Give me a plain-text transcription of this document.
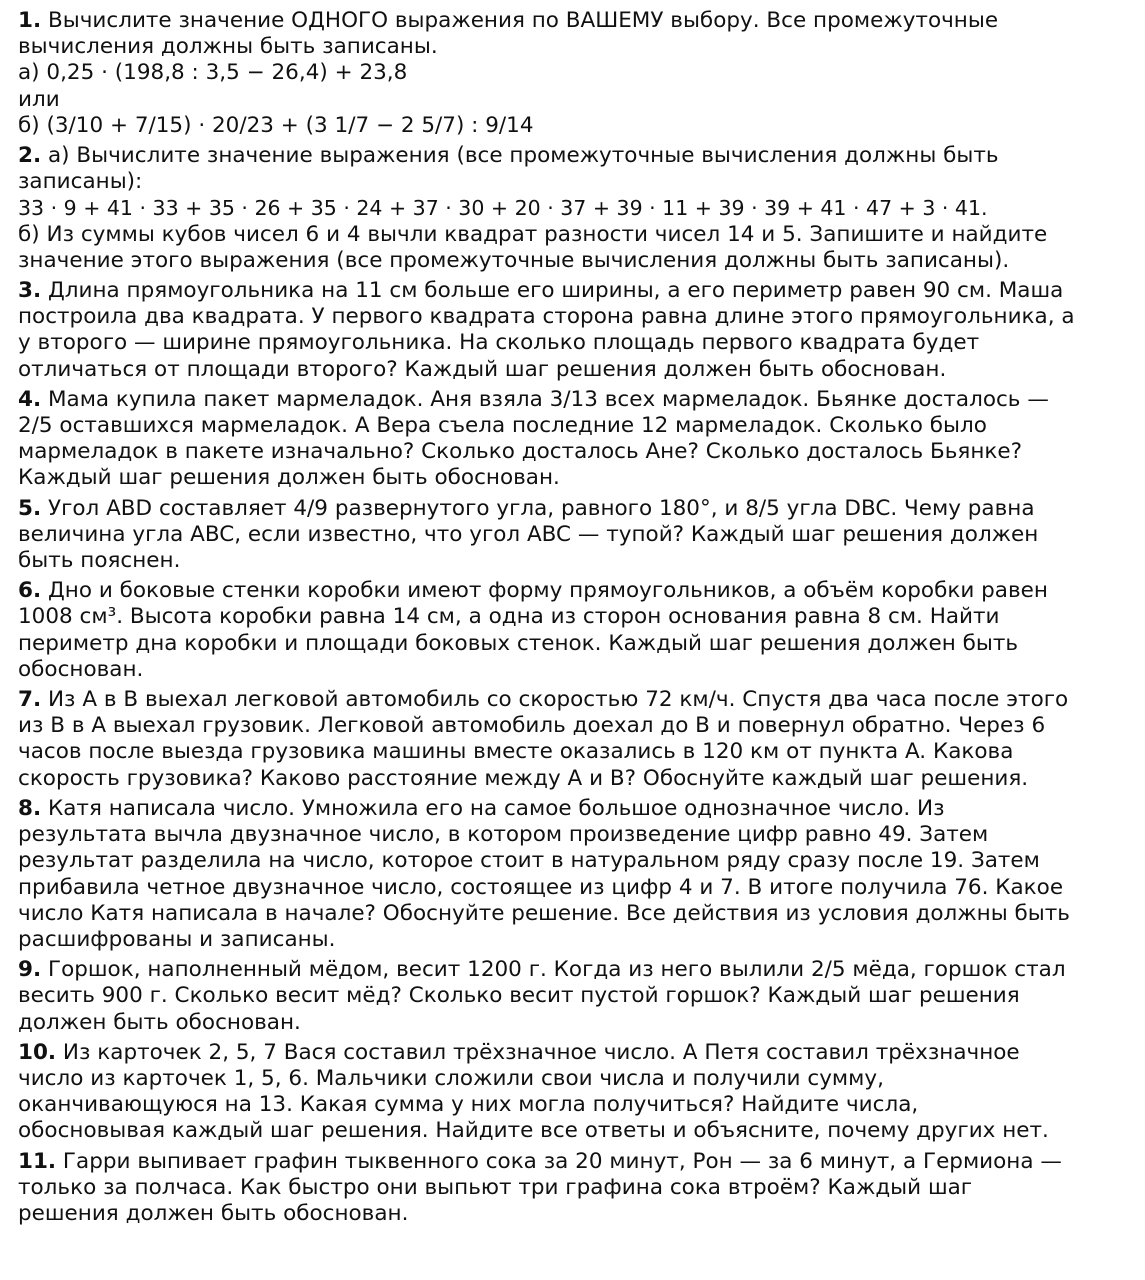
1. Вычислите значение ОДНОГО выражения по ВАШЕМУ выбору. Все промежуточные
вычисления должны быть записаны.
а) 0,25 · (198,8 : 3,5 − 26,4) + 23,8
или
б) (3/10 + 7/15) · 20/23 + (3 1/7 − 2 5/7) : 9/14
2. а) Вычислите значение выражения (все промежуточные вычисления должны быть
записаны):
33 · 9 + 41 · 33 + 35 · 26 + 35 · 24 + 37 · 30 + 20 · 37 + 39 · 11 + 39 · 39 + 41 · 47 + 3 · 41.
б) Из суммы кубов чисел 6 и 4 вычли квадрат разности чисел 14 и 5. Запишите и найдите
значение этого выражения (все промежуточные вычисления должны быть записаны).
3. Длина прямоугольника на 11 см больше его ширины, а его периметр равен 90 см. Маша
построила два квадрата. У первого квадрата сторона равна длине этого прямоугольника, а
у второго — ширине прямоугольника. На сколько площадь первого квадрата будет
отличаться от площади второго? Каждый шаг решения должен быть обоснован.
4. Мама купила пакет мармеладок. Аня взяла 3/13 всех мармеладок. Бьянке досталось —
2/5 оставшихся мармеладок. А Вера съела последние 12 мармеладок. Сколько было
мармеладок в пакете изначально? Сколько досталось Ане? Сколько досталось Бьянке?
Каждый шаг решения должен быть обоснован.
5. Угол ABD составляет 4/9 развернутого угла, равного 180°, и 8/5 угла DBC. Чему равна
величина угла ABC, если известно, что угол ABC — тупой? Каждый шаг решения должен
быть пояснен.
6. Дно и боковые стенки коробки имеют форму прямоугольников, а объём коробки равен
1008 см³. Высота коробки равна 14 см, а одна из сторон основания равна 8 см. Найти
периметр дна коробки и площади боковых стенок. Каждый шаг решения должен быть
обоснован.
7. Из A в B выехал легковой автомобиль со скоростью 72 км/ч. Спустя два часа после этого
из B в A выехал грузовик. Легковой автомобиль доехал до B и повернул обратно. Через 6
часов после выезда грузовика машины вместе оказались в 120 км от пункта A. Какова
скорость грузовика? Каково расстояние между A и B? Обоснуйте каждый шаг решения.
8. Катя написала число. Умножила его на самое большое однозначное число. Из
результата вычла двузначное число, в котором произведение цифр равно 49. Затем
результат разделила на число, которое стоит в натуральном ряду сразу после 19. Затем
прибавила четное двузначное число, состоящее из цифр 4 и 7. В итоге получила 76. Какое
число Катя написала в начале? Обоснуйте решение. Все действия из условия должны быть
расшифрованы и записаны.
9. Горшок, наполненный мёдом, весит 1200 г. Когда из него вылили 2/5 мёда, горшок стал
весить 900 г. Сколько весит мёд? Сколько весит пустой горшок? Каждый шаг решения
должен быть обоснован.
10. Из карточек 2, 5, 7 Вася составил трёхзначное число. А Петя составил трёхзначное
число из карточек 1, 5, 6. Мальчики сложили свои числа и получили сумму,
оканчивающуюся на 13. Какая сумма у них могла получиться? Найдите числа,
обосновывая каждый шаг решения. Найдите все ответы и объясните, почему других нет.
11. Гарри выпивает графин тыквенного сока за 20 минут, Рон — за 6 минут, а Гермиона —
только за полчаса. Как быстро они выпьют три графина сока втроём? Каждый шаг
решения должен быть обоснован.
